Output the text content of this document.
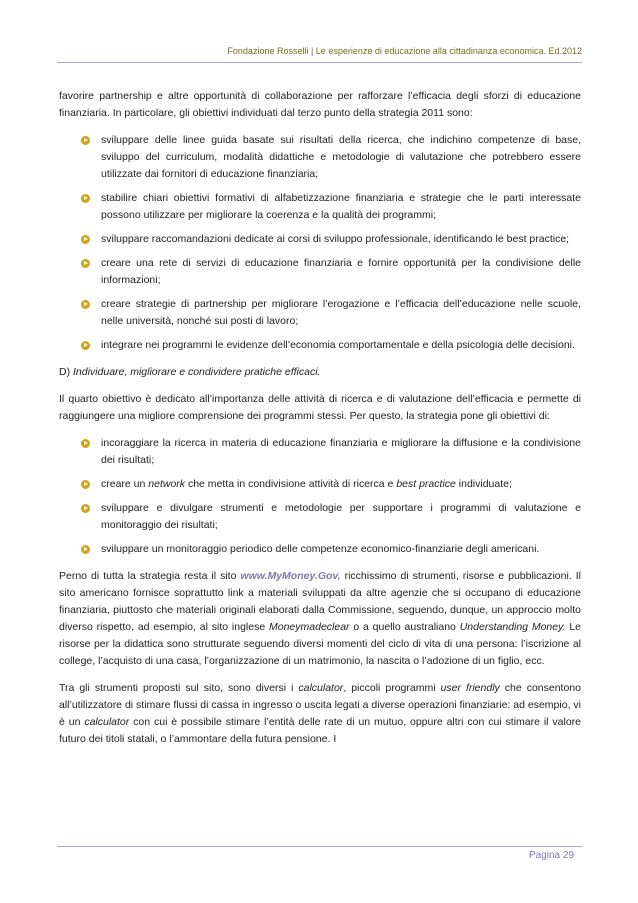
Fondazione Rosselli | Le esperienze di educazione alla cittadinanza economica. Ed.2012

favorire partnership e altre opportunità di collaborazione per rafforzare l’efficacia degli sforzi di educazione finanziaria. In particolare, gli obiettivi individuati dal terzo punto della strategia 2011 sono:

sviluppare delle linee guida basate sui risultati della ricerca, che indichino competenze di base, sviluppo del curriculum, modalità didattiche e metodologie di valutazione che potrebbero essere utilizzate dai fornitori di educazione finanziaria;
stabilire chiari obiettivi formativi di alfabetizzazione finanziaria e strategie che le parti interessate possono utilizzare per migliorare la coerenza e la qualità dei programmi;
sviluppare raccomandazioni dedicate ai corsi di sviluppo professionale, identificando le best practice;
creare una rete di servizi di educazione finanziaria e fornire opportunità per la condivisione delle informazioni;
creare strategie di partnership per migliorare l’erogazione e l’efficacia dell’educazione nelle scuole, nelle università, nonché sui posti di lavoro;
integrare nei programmi le evidenze dell’economia comportamentale e della psicologia delle decisioni.

D) Individuare, migliorare e condividere pratiche efficaci.

Il quarto obiettivo è dedicato all’importanza delle attività di ricerca e di valutazione dell’efficacia e permette di raggiungere una migliore comprensione dei programmi stessi. Per questo, la strategia pone gli obiettivi di:

incoraggiare la ricerca in materia di educazione finanziaria e migliorare la diffusione e la condivisione dei risultati;
creare un network che metta in condivisione attività di ricerca e best practice individuate;
sviluppare e divulgare strumenti e metodologie per supportare i programmi di valutazione e monitoraggio dei risultati;
sviluppare un monitoraggio periodico delle competenze economico-finanziarie degli americani.

Perno di tutta la strategia resta il sito www.MyMoney.Gov, ricchissimo di strumenti, risorse e pubblicazioni. Il sito americano fornisce soprattutto link a materiali sviluppati da altre agenzie che si occupano di educazione finanziaria, piuttosto che materiali originali elaborati dalla Commissione, seguendo, dunque, un approccio molto diverso rispetto, ad esempio, al sito inglese Moneymadeclear o a quello australiano Understanding Money. Le risorse per la didattica sono strutturate seguendo diversi momenti del ciclo di vita di una persona: l’iscrizione al college, l’acquisto di una casa, l’organizzazione di un matrimonio, la nascita o l’adozione di un figlio, ecc.

Tra gli strumenti proposti sul sito, sono diversi i calculator, piccoli programmi user friendly che consentono all’utilizzatore di stimare flussi di cassa in ingresso o uscita legati a diverse operazioni finanziarie: ad esempio, vi è un calculator con cui è possibile stimare l’entità delle rate di un mutuo, oppure altri con cui stimare il valore futuro dei titoli statali, o l’ammontare della futura pensione. I

Pagina 29
